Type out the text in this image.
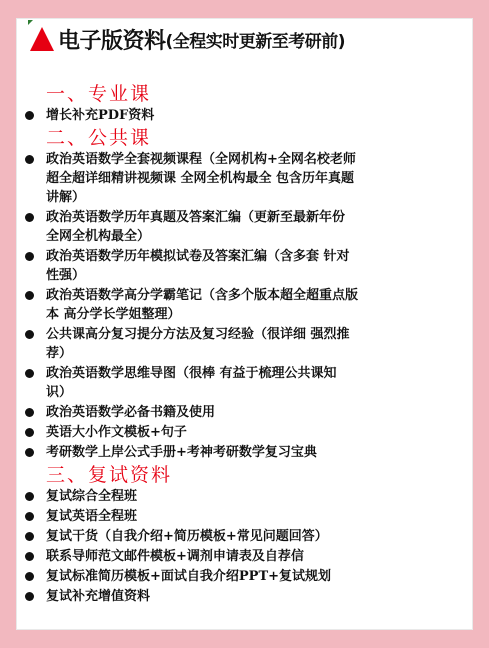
电子版资料 (全程实时更新至考研前)
一、专业课
增长补充PDF资料
二、公共课
政治英语数学全套视频课程（全网机构+全网名校老师
超全超详细精讲视频课 全网全机构最全 包含历年真题
讲解）
政治英语数学历年真题及答案汇编（更新至最新年份
全网全机构最全）
政治英语数学历年模拟试卷及答案汇编（含多套 针对
性强）
政治英语数学高分学霸笔记（含多个版本超全超重点版
本 高分学长学姐整理）
公共课高分复习提分方法及复习经验（很详细 强烈推
荐）
政治英语数学思维导图（很棒 有益于梳理公共课知
识）
政治英语数学必备书籍及使用
英语大小作文模板+句子
考研数学上岸公式手册+考神考研数学复习宝典
三、复试资料
复试综合全程班
复试英语全程班
复试干货（自我介绍+简历模板+常见问题回答）
联系导师范文邮件模板+调剂申请表及自荐信
复试标准简历模板+面试自我介绍PPT+复试规划
复试补充增值资料
